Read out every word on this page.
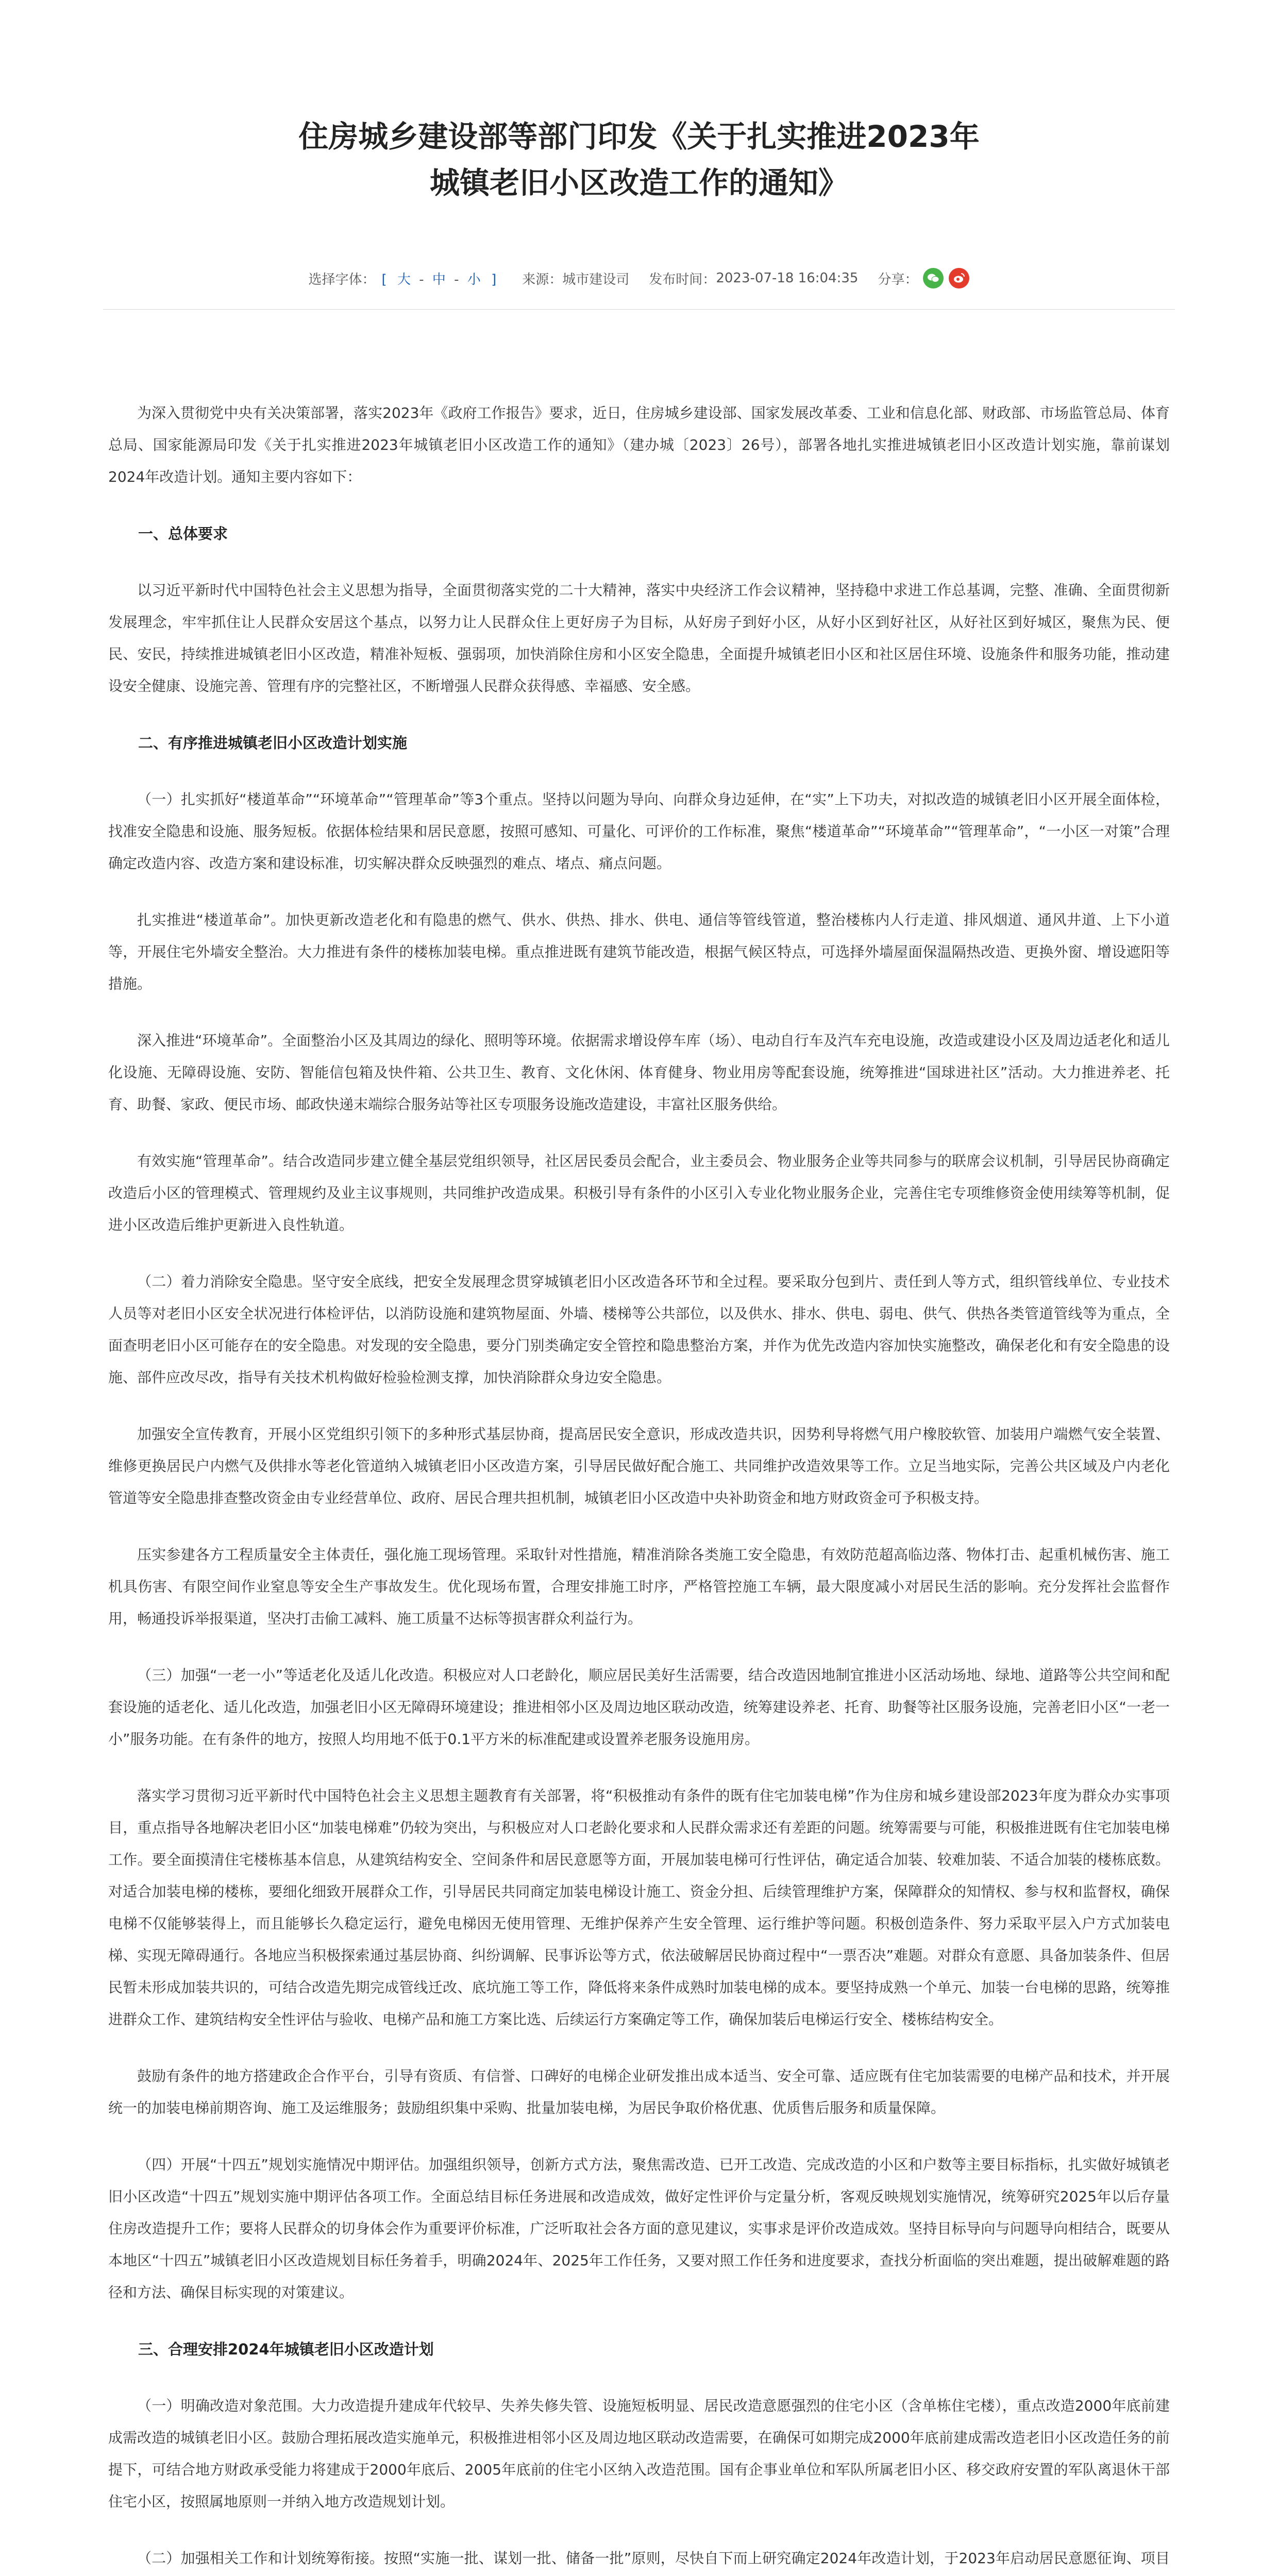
住房城乡建设部等部门印发《关于扎实推进2023年
城镇老旧小区改造工作的通知》
选择字体： [ 大 - 中 - 小 ] 来源： 城市建设司 发布时间： 2023-07-18 16:04:35 分享：

为深入贯彻党中央有关决策部署，落实2023年《政府工作报告》要求，近日，住房城乡建设部、国家发展改革委、工业和信息化部、财政部、市场监管总局、体育总局、国家能源局印发《关于扎实推进2023年城镇老旧小区改造工作的通知》（建办城〔2023〕26号），部署各地扎实推进城镇老旧小区改造计划实施，靠前谋划2024年改造计划。通知主要内容如下：

一、总体要求

以习近平新时代中国特色社会主义思想为指导，全面贯彻落实党的二十大精神，落实中央经济工作会议精神，坚持稳中求进工作总基调，完整、准确、全面贯彻新发展理念，牢牢抓住让人民群众安居这个基点，以努力让人民群众住上更好房子为目标，从好房子到好小区，从好小区到好社区，从好社区到好城区，聚焦为民、便民、安民，持续推进城镇老旧小区改造，精准补短板、强弱项，加快消除住房和小区安全隐患，全面提升城镇老旧小区和社区居住环境、设施条件和服务功能，推动建设安全健康、设施完善、管理有序的完整社区，不断增强人民群众获得感、幸福感、安全感。

二、有序推进城镇老旧小区改造计划实施

（一）扎实抓好“楼道革命”“环境革命”“管理革命”等3个重点。坚持以问题为导向、向群众身边延伸，在“实”上下功夫，对拟改造的城镇老旧小区开展全面体检，找准安全隐患和设施、服务短板。依据体检结果和居民意愿，按照可感知、可量化、可评价的工作标准，聚焦“楼道革命”“环境革命”“管理革命”，“一小区一对策”合理确定改造内容、改造方案和建设标准，切实解决群众反映强烈的难点、堵点、痛点问题。

扎实推进“楼道革命”。加快更新改造老化和有隐患的燃气、供水、供热、排水、供电、通信等管线管道，整治楼栋内人行走道、排风烟道、通风井道、上下小道等，开展住宅外墙安全整治。大力推进有条件的楼栋加装电梯。重点推进既有建筑节能改造，根据气候区特点，可选择外墙屋面保温隔热改造、更换外窗、增设遮阳等措施。

深入推进“环境革命”。全面整治小区及其周边的绿化、照明等环境。依据需求增设停车库（场）、电动自行车及汽车充电设施，改造或建设小区及周边适老化和适儿化设施、无障碍设施、安防、智能信包箱及快件箱、公共卫生、教育、文化休闲、体育健身、物业用房等配套设施，统筹推进“国球进社区”活动。大力推进养老、托育、助餐、家政、便民市场、邮政快递末端综合服务站等社区专项服务设施改造建设，丰富社区服务供给。

有效实施“管理革命”。结合改造同步建立健全基层党组织领导，社区居民委员会配合，业主委员会、物业服务企业等共同参与的联席会议机制，引导居民协商确定改造后小区的管理模式、管理规约及业主议事规则，共同维护改造成果。积极引导有条件的小区引入专业化物业服务企业，完善住宅专项维修资金使用续筹等机制，促进小区改造后维护更新进入良性轨道。

（二）着力消除安全隐患。坚守安全底线，把安全发展理念贯穿城镇老旧小区改造各环节和全过程。要采取分包到片、责任到人等方式，组织管线单位、专业技术人员等对老旧小区安全状况进行体检评估，以消防设施和建筑物屋面、外墙、楼梯等公共部位，以及供水、排水、供电、弱电、供气、供热各类管道管线等为重点，全面查明老旧小区可能存在的安全隐患。对发现的安全隐患，要分门别类确定安全管控和隐患整治方案，并作为优先改造内容加快实施整改，确保老化和有安全隐患的设施、部件应改尽改，指导有关技术机构做好检验检测支撑，加快消除群众身边安全隐患。

加强安全宣传教育，开展小区党组织引领下的多种形式基层协商，提高居民安全意识，形成改造共识，因势利导将燃气用户橡胶软管、加装用户端燃气安全装置、维修更换居民户内燃气及供排水等老化管道纳入城镇老旧小区改造方案，引导居民做好配合施工、共同维护改造效果等工作。立足当地实际，完善公共区域及户内老化管道等安全隐患排查整改资金由专业经营单位、政府、居民合理共担机制，城镇老旧小区改造中央补助资金和地方财政资金可予积极支持。

压实参建各方工程质量安全主体责任，强化施工现场管理。采取针对性措施，精准消除各类施工安全隐患，有效防范超高临边落、物体打击、起重机械伤害、施工机具伤害、有限空间作业窒息等安全生产事故发生。优化现场布置，合理安排施工时序，严格管控施工车辆，最大限度减小对居民生活的影响。充分发挥社会监督作用，畅通投诉举报渠道，坚决打击偷工减料、施工质量不达标等损害群众利益行为。

（三）加强“一老一小”等适老化及适儿化改造。积极应对人口老龄化，顺应居民美好生活需要，结合改造因地制宜推进小区活动场地、绿地、道路等公共空间和配套设施的适老化、适儿化改造，加强老旧小区无障碍环境建设；推进相邻小区及周边地区联动改造，统筹建设养老、托育、助餐等社区服务设施，完善老旧小区“一老一小”服务功能。在有条件的地方，按照人均用地不低于0.1平方米的标准配建或设置养老服务设施用房。

落实学习贯彻习近平新时代中国特色社会主义思想主题教育有关部署，将“积极推动有条件的既有住宅加装电梯”作为住房和城乡建设部2023年度为群众办实事项目，重点指导各地解决老旧小区“加装电梯难”仍较为突出，与积极应对人口老龄化要求和人民群众需求还有差距的问题。统筹需要与可能，积极推进既有住宅加装电梯工作。要全面摸清住宅楼栋基本信息，从建筑结构安全、空间条件和居民意愿等方面，开展加装电梯可行性评估，确定适合加装、较难加装、不适合加装的楼栋底数。对适合加装电梯的楼栋，要细化细致开展群众工作，引导居民共同商定加装电梯设计施工、资金分担、后续管理维护方案，保障群众的知情权、参与权和监督权，确保电梯不仅能够装得上，而且能够长久稳定运行，避免电梯因无使用管理、无维护保养产生安全管理、运行维护等问题。积极创造条件、努力采取平层入户方式加装电梯、实现无障碍通行。各地应当积极探索通过基层协商、纠纷调解、民事诉讼等方式，依法破解居民协商过程中“一票否决”难题。对群众有意愿、具备加装条件、但居民暂未形成加装共识的，可结合改造先期完成管线迁改、底坑施工等工作，降低将来条件成熟时加装电梯的成本。要坚持成熟一个单元、加装一台电梯的思路，统筹推进群众工作、建筑结构安全性评估与验收、电梯产品和施工方案比选、后续运行方案确定等工作，确保加装后电梯运行安全、楼栋结构安全。

鼓励有条件的地方搭建政企合作平台，引导有资质、有信誉、口碑好的电梯企业研发推出成本适当、安全可靠、适应既有住宅加装需要的电梯产品和技术，并开展统一的加装电梯前期咨询、施工及运维服务；鼓励组织集中采购、批量加装电梯，为居民争取价格优惠、优质售后服务和质量保障。

（四）开展“十四五”规划实施情况中期评估。加强组织领导，创新方式方法，聚焦需改造、已开工改造、完成改造的小区和户数等主要目标指标，扎实做好城镇老旧小区改造“十四五”规划实施中期评估各项工作。全面总结目标任务进展和改造成效，做好定性评价与定量分析，客观反映规划实施情况，统筹研究2025年以后存量住房改造提升工作；要将人民群众的切身体会作为重要评价标准，广泛听取社会各方面的意见建议，实事求是评价改造成效。坚持目标导向与问题导向相结合，既要从本地区“十四五”城镇老旧小区改造规划目标任务着手，明确2024年、2025年工作任务，又要对照工作任务和进度要求，查找分析面临的突出难题，提出破解难题的路径和方法、确保目标实现的对策建议。

三、合理安排2024年城镇老旧小区改造计划

（一）明确改造对象范围。大力改造提升建成年代较早、失养失修失管、设施短板明显、居民改造意愿强烈的住宅小区（含单栋住宅楼），重点改造2000年底前建成需改造的城镇老旧小区。鼓励合理拓展改造实施单元，积极推进相邻小区及周边地区联动改造需要，在确保可如期完成2000年底前建成需改造老旧小区改造任务的前提下，可结合地方财政承受能力将建成于2000年底后、2005年底前的住宅小区纳入改造范围。国有企事业单位和军队所属老旧小区、移交政府安置的军队离退休干部住宅小区，按照属地原则一并纳入地方改造规划计划。

（二）加强相关工作和计划统筹衔接。按照“实施一批、谋划一批、储备一批”原则，尽快自下而上研究确定2024年改造计划，于2023年启动居民意愿征询、项目
